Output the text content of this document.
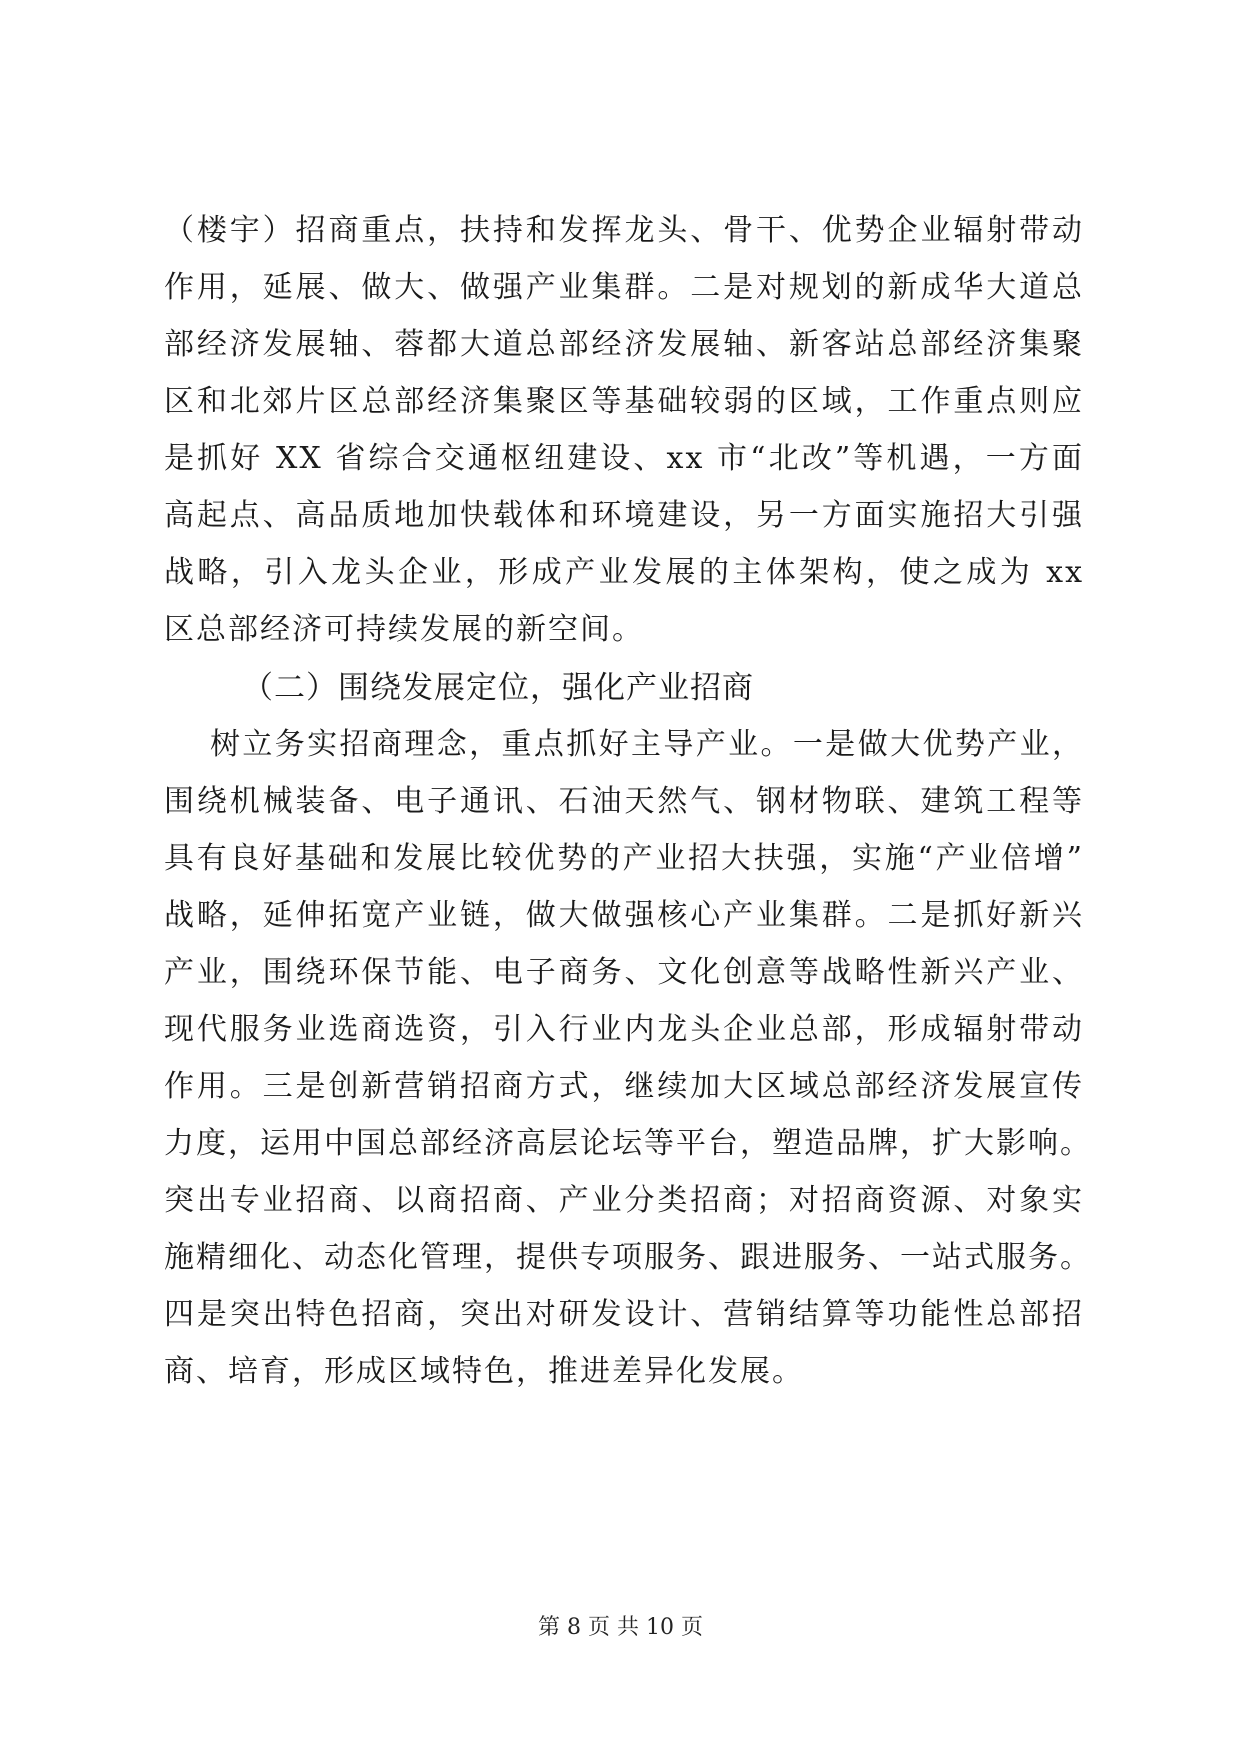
（楼宇）招商重点，扶持和发挥龙头、骨干、优势企业辐射带动
作用，延展、做大、做强产业集群。二是对规划的新成华大道总
部经济发展轴、蓉都大道总部经济发展轴、新客站总部经济集聚
区和北郊片区总部经济集聚区等基础较弱的区域，工作重点则应
是抓好 XX 省综合交通枢纽建设、xx 市“北改”等机遇，一方面
高起点、高品质地加快载体和环境建设，另一方面实施招大引强
战略，引入龙头企业，形成产业发展的主体架构，使之成为 xx
区总部经济可持续发展的新空间。
（二）围绕发展定位，强化产业招商
树立务实招商理念，重点抓好主导产业。一是做大优势产业，
围绕机械装备、电子通讯、石油天然气、钢材物联、建筑工程等
具有良好基础和发展比较优势的产业招大扶强，实施“产业倍增”
战略，延伸拓宽产业链，做大做强核心产业集群。二是抓好新兴
产业，围绕环保节能、电子商务、文化创意等战略性新兴产业、
现代服务业选商选资，引入行业内龙头企业总部，形成辐射带动
作用。三是创新营销招商方式，继续加大区域总部经济发展宣传
力度，运用中国总部经济高层论坛等平台，塑造品牌，扩大影响。
突出专业招商、以商招商、产业分类招商；对招商资源、对象实
施精细化、动态化管理，提供专项服务、跟进服务、一站式服务。
四是突出特色招商，突出对研发设计、营销结算等功能性总部招
商、培育，形成区域特色，推进差异化发展。
第 8 页 共 10 页
